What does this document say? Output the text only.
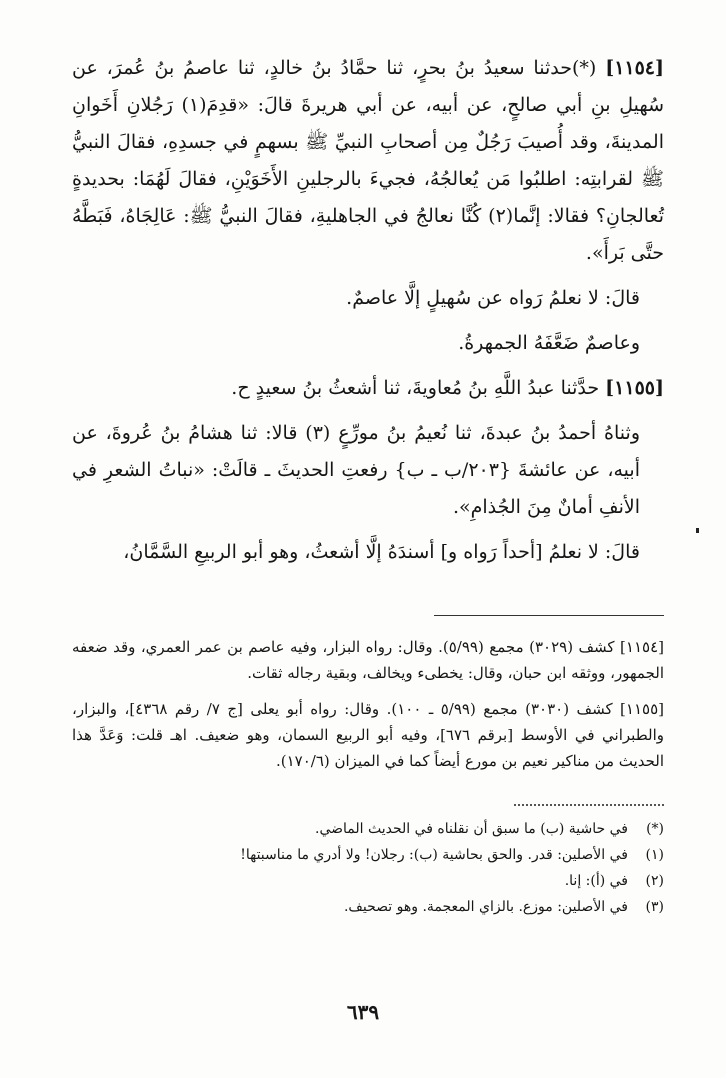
[١١٥٤] (*)حدثنا سعيدُ بنُ بحرٍ، ثنا حمَّادُ بنُ خالدٍ، ثنا عاصمُ بنُ عُمرَ، عن سُهيلِ بنِ أبي صالحٍ، عن أبيه، عن أبي هريرةَ قالَ: «قدِمَ(١) رَجُلانِ أَخَوانِ المدينةَ، وقد أُصيبَ رَجُلٌ مِن أصحابِ النبيِّ ﷺ بسهمٍ في جسدِهِ، فقالَ النبيُّ ﷺ لقرابتِه: اطلبُوا مَن يُعالجُهُ، فجيءَ بالرجلينِ الأَخَوَيْنِ، فقالَ لَهُمَا: بحديدةٍ تُعالجانِ؟ فقالا: إنَّما(٢) كُنَّا نعالجُ في الجاهليةِ، فقالَ النبيُّ ﷺ: عَالِجَاهُ، فَبَطَّهُ حتَّى بَرأَ».

قالَ: لا نعلمُ رَواه عن سُهيلٍ إلَّا عاصمٌ.

وعاصمٌ ضَعَّفَهُ الجمهرةُ.

[١١٥٥] حدَّثنا عبدُ اللَّهِ بنُ مُعاويةَ، ثنا أشعثُ بنُ سعيدٍ ح.

وثناهُ أحمدُ بنُ عبدةَ، ثنا نُعيمُ بنُ مورِّعٍ (٣) قالا: ثنا هشامُ بنُ عُروةَ، عن أبيه، عن عائشةَ {٢٠٣/ب ـ ب} رفعتِ الحديثَ ـ قالَتْ: «نباتُ الشعرِ في الأنفِ أمانٌ مِنَ الجُذامِ».

قالَ: لا نعلمُ [أحداً رَواه و] أسندَهُ إلَّا أشعثُ، وهو أبو الربيعِ السَّمَّانُ،

[١١٥٤] كشف (٣٠٢٩) مجمع (٥/٩٩). وقال: رواه البزار، وفيه عاصم بن عمر العمري، وقد ضعفه الجمهور، ووثقه ابن حبان، وقال: يخطىء ويخالف، وبقية رجاله ثقات.

[١١٥٥] كشف (٣٠٣٠) مجمع (٥/٩٩ ـ ١٠٠). وقال: رواه أبو يعلى [ج ٧/ رقم ٤٣٦٨]، والبزار، والطبراني في الأوسط [برقم ٦٧٦]، وفيه أبو الربيع السمان، وهو ضعيف. اهـ قلت: وَعَدَّ هذا الحديث من مناكير نعيم بن مورع أيضاً كما في الميزان (١٧٠/٦).

(*)
في حاشية (ب) ما سبق أن نقلناه في الحديث الماضي.
(١)
في الأصلين: قدر. والحق بحاشية (ب): رجلان! ولا أدري ما مناسبتها!
(٢)
في (أ): إنا.
(٣)
في الأصلين: موزع. بالزاي المعجمة. وهو تصحيف.
٦٣٩
